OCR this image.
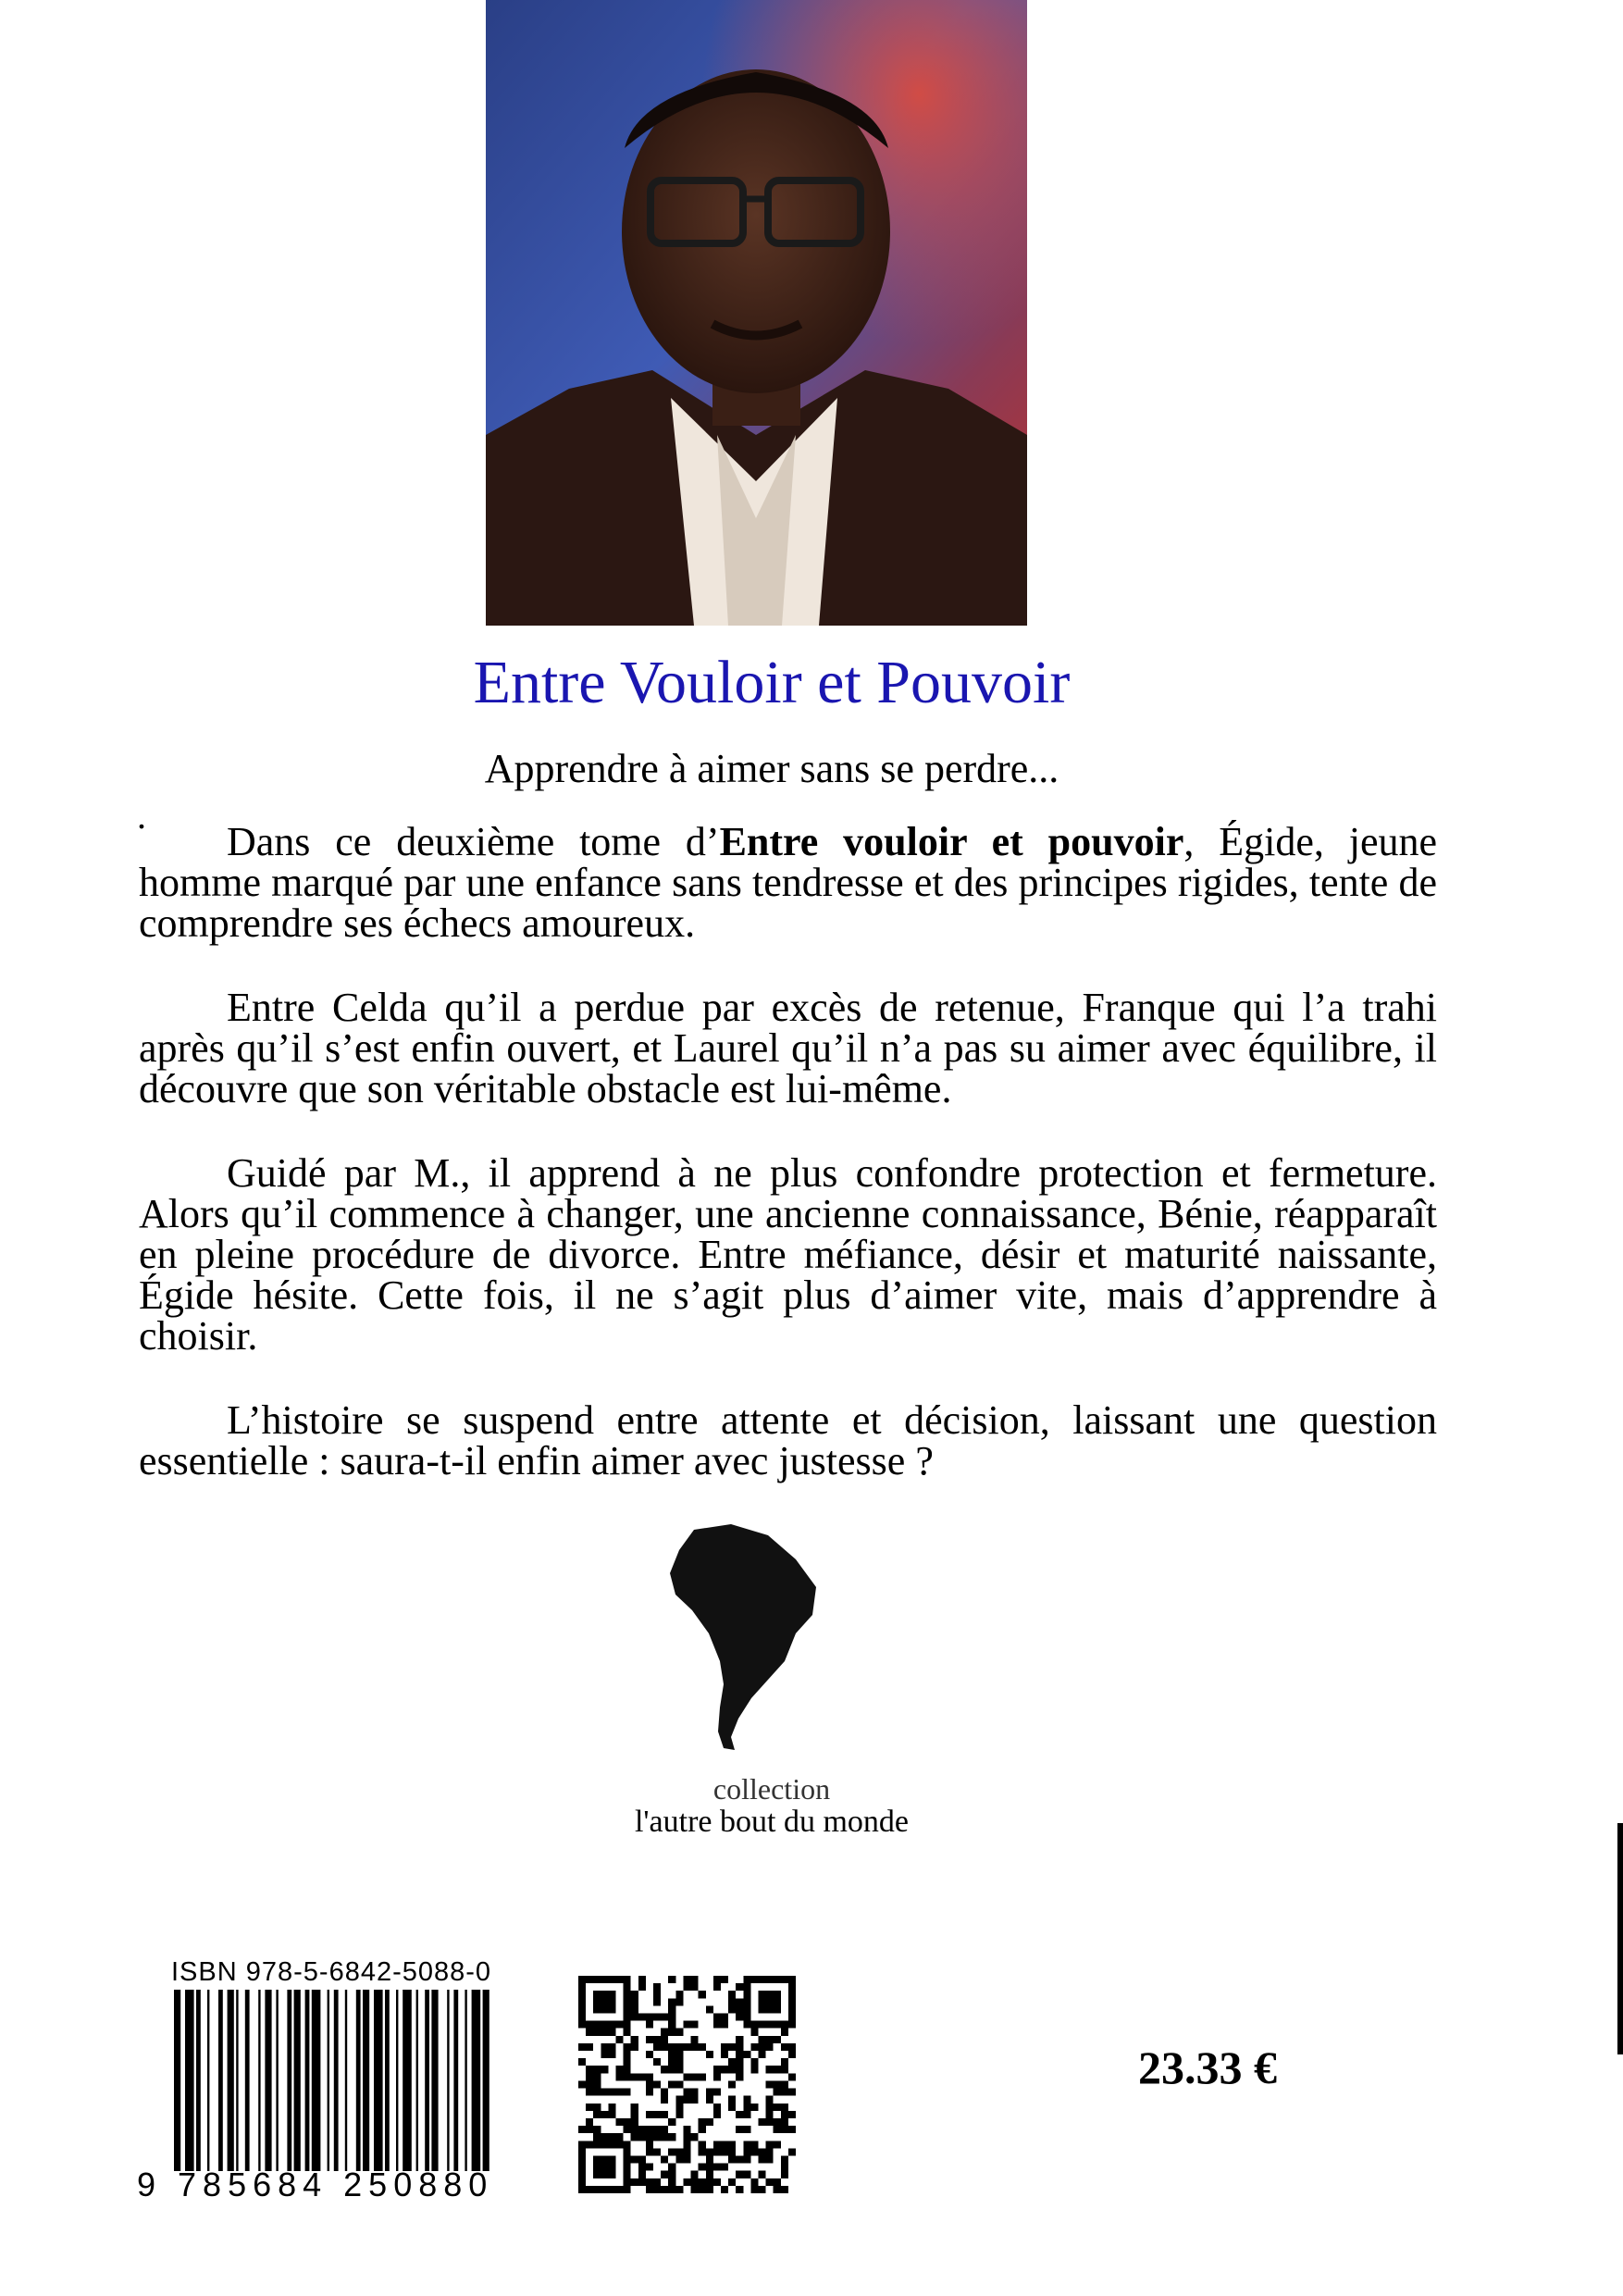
Entre Vouloir et Pouvoir
Apprendre à aimer sans se perdre...
.

Dans ce deuxième tome d’Entre vouloir et pouvoir, Égide, jeune homme marqué par une enfance sans tendresse et des principes rigides, tente de comprendre ses échecs amoureux.

Entre Celda qu’il a perdue par excès de retenue, Franque qui l’a trahi après qu’il s’est enfin ouvert, et Laurel qu’il n’a pas su aimer avec équilibre, il découvre que son véritable obstacle est lui-même.

Guidé par M., il apprend à ne plus confondre protection et fermeture. Alors qu’il commence à changer, une ancienne connaissance, Bénie, réapparaît en pleine procédure de divorce. Entre méfiance, désir et maturité naissante, Égide hésite. Cette fois, il ne s’agit plus d’aimer vite, mais d’apprendre à choisir.

L’histoire se suspend entre attente et décision, laissant une question essentielle : saura-t-il enfin aimer avec justesse ?

collection
l'autre bout du monde
ISBN 978-5-6842-5088-0
9 785684 250880
23.33 €
